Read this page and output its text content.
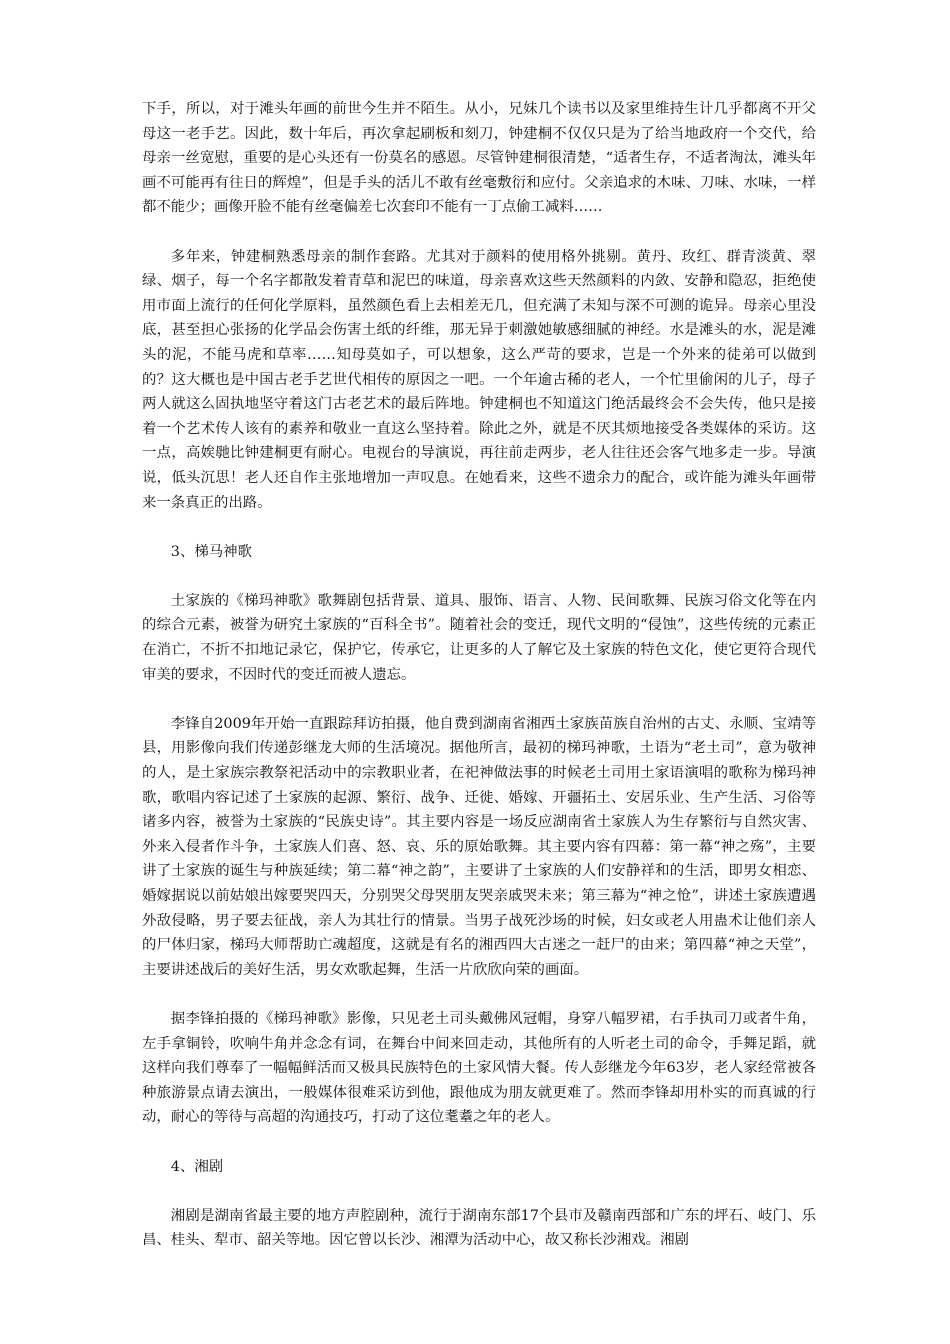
下手，所以，对于滩头年画的前世今生并不陌生。从小，兄妹几个读书以及家里维持生计几乎都离不开父母这一老手艺。因此，数十年后，再次拿起刷板和刻刀，钟建桐不仅仅只是为了给当地政府一个交代，给母亲一丝宽慰，重要的是心头还有一份莫名的感恩。尽管钟建桐很清楚，“适者生存，不适者淘汰，滩头年画不可能再有往日的辉煌”，但是手头的活儿不敢有丝毫敷衍和应付。父亲追求的木味、刀味、水味，一样都不能少；画像开脸不能有丝毫偏差七次套印不能有一丁点偷工减料……

多年来，钟建桐熟悉母亲的制作套路。尤其对于颜料的使用格外挑剔。黄丹、玫红、群青淡黄、翠绿、烟子，每一个名字都散发着青草和泥巴的味道，母亲喜欢这些天然颜料的内敛、安静和隐忍，拒绝使用市面上流行的任何化学原料，虽然颜色看上去相差无几，但充满了未知与深不可测的诡异。母亲心里没底，甚至担心张扬的化学品会伤害土纸的纤维，那无异于刺激她敏感细腻的神经。水是滩头的水，泥是滩头的泥，不能马虎和草率……知母莫如子，可以想象，这么严苛的要求，岂是一个外来的徒弟可以做到的？这大概也是中国古老手艺世代相传的原因之一吧。一个年逾古稀的老人，一个忙里偷闲的儿子，母子两人就这么固执地坚守着这门古老艺术的最后阵地。钟建桐也不知道这门绝活最终会不会失传，他只是接着一个艺术传人该有的素养和敬业一直这么坚持着。除此之外，就是不厌其烦地接受各类媒体的采访。这一点，高娭毑比钟建桐更有耐心。电视台的导演说，再往前走两步，老人往往还会客气地多走一步。导演说，低头沉思！老人还自作主张地增加一声叹息。在她看来，这些不遗余力的配合，或许能为滩头年画带来一条真正的出路。

3、梯马神歌

土家族的《梯玛神歌》歌舞剧包括背景、道具、服饰、语言、人物、民间歌舞、民族习俗文化等在内的综合元素，被誉为研究土家族的“百科全书”。随着社会的变迁，现代文明的“侵蚀”，这些传统的元素正在消亡，不折不扣地记录它，保护它，传承它，让更多的人了解它及土家族的特色文化，使它更符合现代审美的要求，不因时代的变迁而被人遗忘。

李锋自2009年开始一直跟踪拜访拍摄，他自费到湖南省湘西土家族苗族自治州的古丈、永顺、宝靖等县，用影像向我们传递彭继龙大师的生活境况。据他所言，最初的梯玛神歌，土语为“老土司”，意为敬神的人，是土家族宗教祭祀活动中的宗教职业者，在祀神做法事的时候老土司用土家语演唱的歌称为梯玛神歌，歌唱内容记述了土家族的起源、繁衍、战争、迁徙、婚嫁、开疆拓土、安居乐业、生产生活、习俗等诸多内容，被誉为土家族的“民族史诗”。其主要内容是一场反应湖南省土家族人为生存繁衍与自然灾害、外来入侵者作斗争，土家族人们喜、怒、哀、乐的原始歌舞。其主要内容有四幕：第一幕“神之殇”，主要讲了土家族的诞生与种族延续；第二幕“神之韵”，主要讲了土家族的人们安静祥和的生活，即男女相恋、婚嫁据说以前姑娘出嫁要哭四天，分别哭父母哭朋友哭亲戚哭未来；第三幕为“神之怆”，讲述土家族遭遇外敌侵略，男子要去征战，亲人为其壮行的情景。当男子战死沙场的时候，妇女或老人用蛊术让他们亲人的尸体归家，梯玛大师帮助亡魂超度，这就是有名的湘西四大古迷之一赶尸的由来；第四幕“神之天堂”，主要讲述战后的美好生活，男女欢歌起舞，生活一片欣欣向荣的画面。

据李锋拍摄的《梯玛神歌》影像，只见老土司头戴佛风冠帽，身穿八幅罗裙，右手执司刀或者牛角，左手拿铜铃，吹响牛角并念念有词，在舞台中间来回走动，其他所有的人听老土司的命令，手舞足蹈，就这样向我们尊奉了一幅幅鲜活而又极具民族特色的土家风情大餐。传人彭继龙今年63岁，老人家经常被各种旅游景点请去演出，一般媒体很难采访到他，跟他成为朋友就更难了。然而李锋却用朴实的而真诚的行动，耐心的等待与高超的沟通技巧，打动了这位耄耋之年的老人。

4、湘剧

湘剧是湖南省最主要的地方声腔剧种，流行于湖南东部17个县市及赣南西部和广东的坪石、岐门、乐昌、桂头、犁市、韶关等地。因它曾以长沙、湘潭为活动中心，故又称长沙湘戏。湘剧
